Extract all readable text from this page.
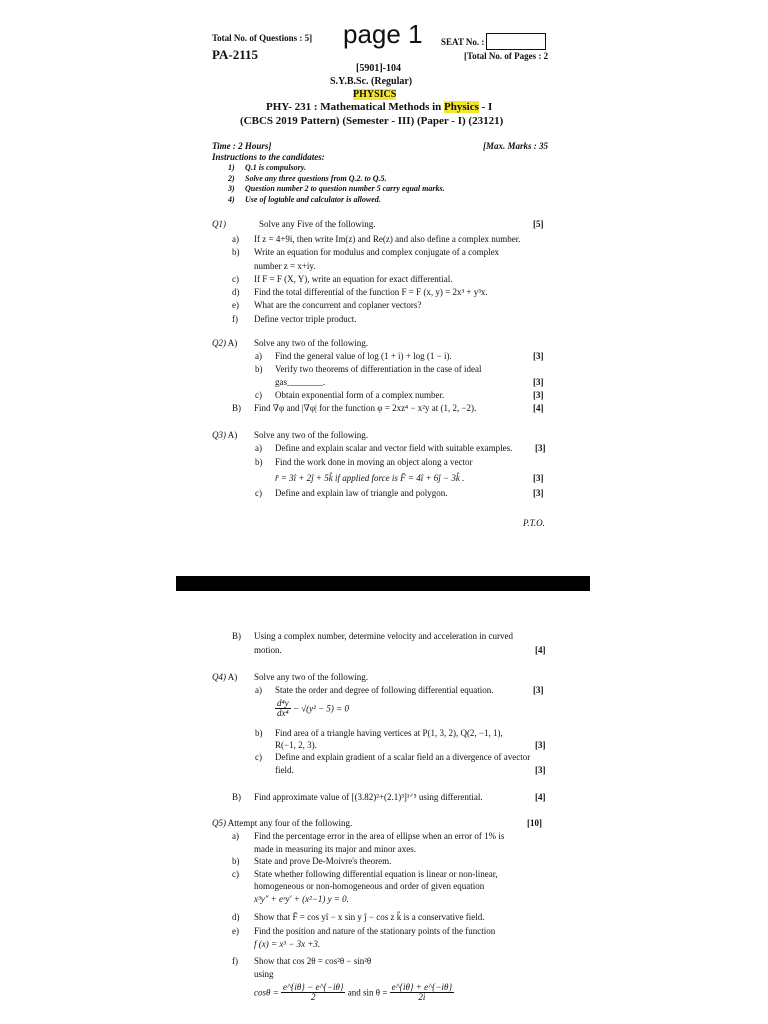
Total No. of Questions : 5] page 1 SEAT No. :
PA-2115	[Total No. of Pages : 2
[5901]-104
S.Y.B.Sc. (Regular)
PHYSICS
PHY- 231 : Mathematical Methods in Physics - I
(CBCS 2019 Pattern) (Semester - III) (Paper - I) (23121)
Time : 2 Hours]	[Max. Marks : 35
Instructions to the candidates:
1) Q.1 is compulsory.
2) Solve any three questions from Q.2. to Q.5.
3) Question number 2 to question number 5 carry equal marks.
4) Use of logtable and calculator is allowed.
Q1)	Solve any Five of the following.	[5]
a) If z = 4+9i, then write Im(z) and Re(z) and also define a complex number.
b) Write an equation for modulus and complex conjugate of a complex
number z = x+iy.
c) If F = F (X, Y), write an equation for exact differential.
d) Find the total differential of the function F = F (x, y) = 2x³ + y³x.
e) What are the concurrent and coplaner vectors?
f) Define vector triple product.
Q2) A) Solve any two of the following.
a) Find the general value of log (1 + i) + log (1 − i).	[3]
b) Verify two theorems of differentiation in the case of ideal
gas________.	[3]
c) Obtain exponential form of a complex number.	[3]
B) Find ∇φ and |∇φ| for the function φ = 2xz⁴ − x²y at (1, 2, −2).	[4]
Q3) A) Solve any two of the following.
a) Define and explain scalar and vector field with suitable examples.	[3]
b) Find the work done in moving an object along a vector
r̄ = 3î + 2ĵ + 5k̂ if applied force is F̄ = 4î + 6ĵ − 3k̂ .	[3]
c) Define and explain law of triangle and polygon.	[3]
P.T.O.
B) Using a complex number, determine velocity and acceleration in curved
motion.	[4]
Q4) A) Solve any two of the following.
a) State the order and degree of following differential equation.	[3]
$\frac{\text{d⁴y}}{\text{dx⁴}} - √(y^2 - 5) = 0$
b) Find area of a triangle having vertices at P(1, 3, 2), Q(2, −1, 1),
R(−1, 2, 3).	[3]
c) Define and explain gradient of a scalar field an a divergence of avector
field.	[3]
B) Find approximate value of [(3.82)²+(2.1)³]¹ᐟ⁵ using differential.	[4]
Q5) Attempt any four of the following.	[10]
a) Find the percentage error in the area of ellipse when an error of 1% is
made in measuring its major and minor axes.
b) State and prove De-Moivre's theorem.
c) State whether following differential equation is linear or non-linear,
homogeneous or non-homogeneous and order of given equation
x³y″ + eˣy′ + (x²−1) y = 0.
d) Show that F̄ = cos yî − x sin y ĵ − cos z k̂ is a conservative field.
e) Find the position and nature of the stationary points of the function
f (x) = x³ − 3x +3.
f) Show that cos 2θ = cos²θ − sin²θ
using
$\cos\theta = \frac{e\^{}\{i\theta\} - e\^{}\{-i\theta\}}{2}$ and $\sin \theta = \frac{e\^{}\{i\theta\} + e\^{}\{-i\theta\}}{2i}$
